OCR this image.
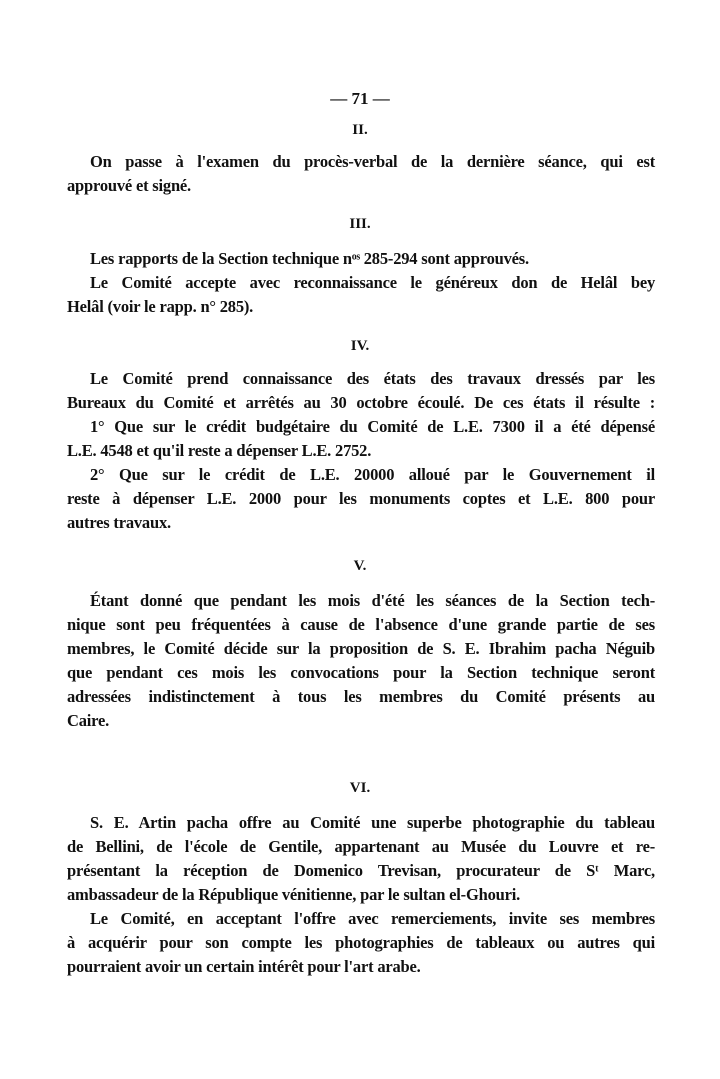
— 71 —
II.
On passe à l'examen du procès-verbal de la dernière séance, qui est
approuvé et signé.
III.
Les rapports de la Section technique nᵒˢ 285-294 sont approuvés.
Le Comité accepte avec reconnaissance le généreux don de Helâl bey
Helâl (voir le rapp. n° 285).
IV.
Le Comité prend connaissance des états des travaux dressés par les
Bureaux du Comité et arrêtés au 30 octobre écoulé. De ces états il résulte :
1° Que sur le crédit budgétaire du Comité de L.E. 7300 il a été dépensé
L.E. 4548 et qu'il reste a dépenser L.E. 2752.
2° Que sur le crédit de L.E. 20000 alloué par le Gouvernement il
reste à dépenser L.E. 2000 pour les monuments coptes et L.E. 800 pour
autres travaux.
V.
Étant donné que pendant les mois d'été les séances de la Section tech-
nique sont peu fréquentées à cause de l'absence d'une grande partie de ses
membres, le Comité décide sur la proposition de S. E. Ibrahim pacha Néguib
que pendant ces mois les convocations pour la Section technique seront
adressées indistinctement à tous les membres du Comité présents au
Caire.
VI.
S. E. Artin pacha offre au Comité une superbe photographie du tableau
de Bellini, de l'école de Gentile, appartenant au Musée du Louvre et re-
présentant la réception de Domenico Trevisan, procurateur de Sᵗ Marc,
ambassadeur de la République vénitienne, par le sultan el-Ghouri.
Le Comité, en acceptant l'offre avec remerciements, invite ses membres
à acquérir pour son compte les photographies de tableaux ou autres qui
pourraient avoir un certain intérêt pour l'art arabe.
